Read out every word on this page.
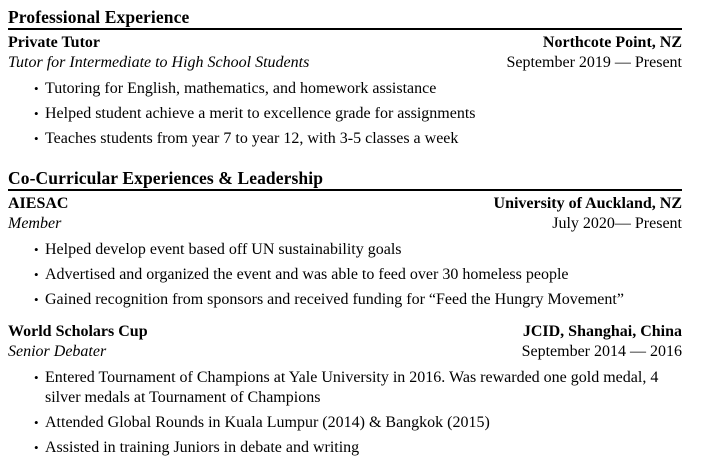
Professional Experience
Private Tutor	Northcote Point, NZ
Tutor for Intermediate to High School Students	September 2019 — Present
• Tutoring for English, mathematics, and homework assistance
• Helped student achieve a merit to excellence grade for assignments
• Teaches students from year 7 to year 12, with 3-5 classes a week
Co-Curricular Experiences & Leadership
AIESAC	University of Auckland, NZ
Member	July 2020— Present
• Helped develop event based off UN sustainability goals
• Advertised and organized the event and was able to feed over 30 homeless people
• Gained recognition from sponsors and received funding for “Feed the Hungry Movement”
World Scholars Cup	JCID, Shanghai, China
Senior Debater	September 2014 — 2016
• Entered Tournament of Champions at Yale University in 2016. Was rewarded one gold medal, 4 silver medals at Tournament of Champions
• Attended Global Rounds in Kuala Lumpur (2014) & Bangkok (2015)
• Assisted in training Juniors in debate and writing
